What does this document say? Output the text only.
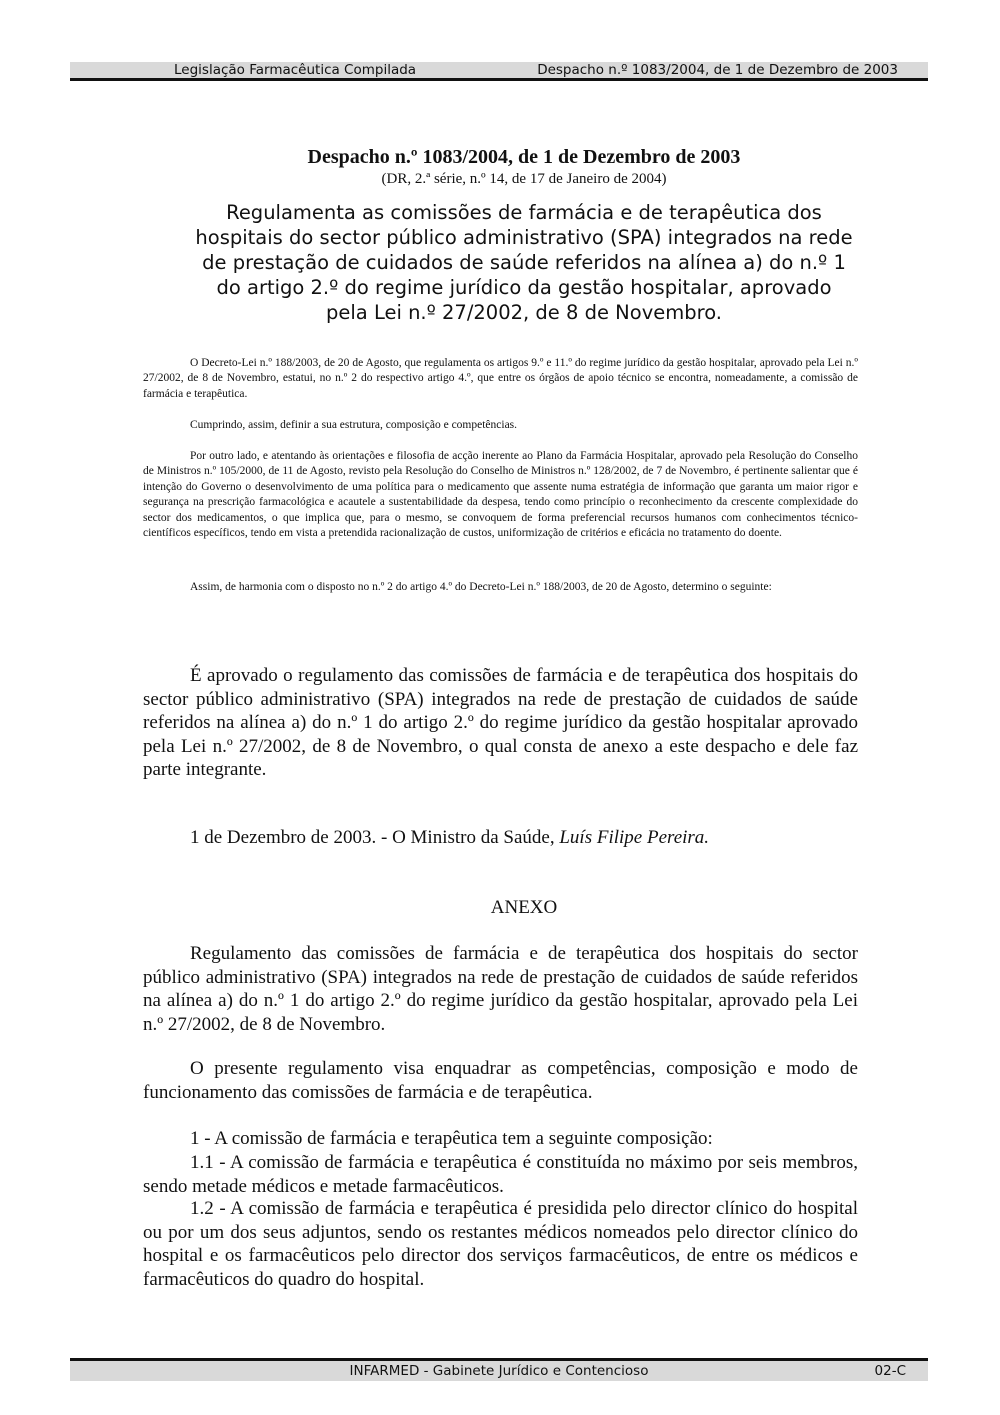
Legislação Farmacêutica Compilada	Despacho n.º 1083/2004, de 1 de Dezembro de 2003
Despacho n.º 1083/2004, de 1 de Dezembro de 2003
(DR, 2.ª série, n.º 14, de 17 de Janeiro de 2004)
Regulamenta as comissões de farmácia e de terapêutica dos hospitais do sector público administrativo (SPA) integrados na rede de prestação de cuidados de saúde referidos na alínea a) do n.º 1 do artigo 2.º do regime jurídico da gestão hospitalar, aprovado pela Lei n.º 27/2002, de 8 de Novembro.

O Decreto-Lei n.º 188/2003, de 20 de Agosto, que regulamenta os artigos 9.º e 11.º do regime jurídico da gestão hospitalar, aprovado pela Lei n.º 27/2002, de 8 de Novembro, estatui, no n.º 2 do respectivo artigo 4.º, que entre os órgãos de apoio técnico se encontra, nomeadamente, a comissão de farmácia e terapêutica.

Cumprindo, assim, definir a sua estrutura, composição e competências.

Por outro lado, e atentando às orientações e filosofia de acção inerente ao Plano da Farmácia Hospitalar, aprovado pela Resolução do Conselho de Ministros n.º 105/2000, de 11 de Agosto, revisto pela Resolução do Conselho de Ministros n.º 128/2002, de 7 de Novembro, é pertinente salientar que é intenção do Governo o desenvolvimento de uma política para o medicamento que assente numa estratégia de informação que garanta um maior rigor e segurança na prescrição farmacológica e acautele a sustentabilidade da despesa, tendo como princípio o reconhecimento da crescente complexidade do sector dos medicamentos, o que implica que, para o mesmo, se convoquem de forma preferencial recursos humanos com conhecimentos técnico-científicos específicos, tendo em vista a pretendida racionalização de custos, uniformização de critérios e eficácia no tratamento do doente.

Assim, de harmonia com o disposto no n.º 2 do artigo 4.º do Decreto-Lei n.º 188/2003, de 20 de Agosto, determino o seguinte:

É aprovado o regulamento das comissões de farmácia e de terapêutica dos hospitais do sector público administrativo (SPA) integrados na rede de prestação de cuidados de saúde referidos na alínea a) do n.º 1 do artigo 2.º do regime jurídico da gestão hospitalar aprovado pela Lei n.º 27/2002, de 8 de Novembro, o qual consta de anexo a este despacho e dele faz parte integrante.

1 de Dezembro de 2003. - O Ministro da Saúde, Luís Filipe Pereira.
ANEXO

Regulamento das comissões de farmácia e de terapêutica dos hospitais do sector público administrativo (SPA) integrados na rede de prestação de cuidados de saúde referidos na alínea a) do n.º 1 do artigo 2.º do regime jurídico da gestão hospitalar, aprovado pela Lei n.º 27/2002, de 8 de Novembro.

O presente regulamento visa enquadrar as competências, composição e modo de funcionamento das comissões de farmácia e de terapêutica.

1 - A comissão de farmácia e terapêutica tem a seguinte composição:

1.1 - A comissão de farmácia e terapêutica é constituída no máximo por seis membros, sendo metade médicos e metade farmacêuticos.

1.2 - A comissão de farmácia e terapêutica é presidida pelo director clínico do hospital ou por um dos seus adjuntos, sendo os restantes médicos nomeados pelo director clínico do hospital e os farmacêuticos pelo director dos serviços farmacêuticos, de entre os médicos e farmacêuticos do quadro do hospital.

INFARMED - Gabinete Jurídico e Contencioso	02-C
